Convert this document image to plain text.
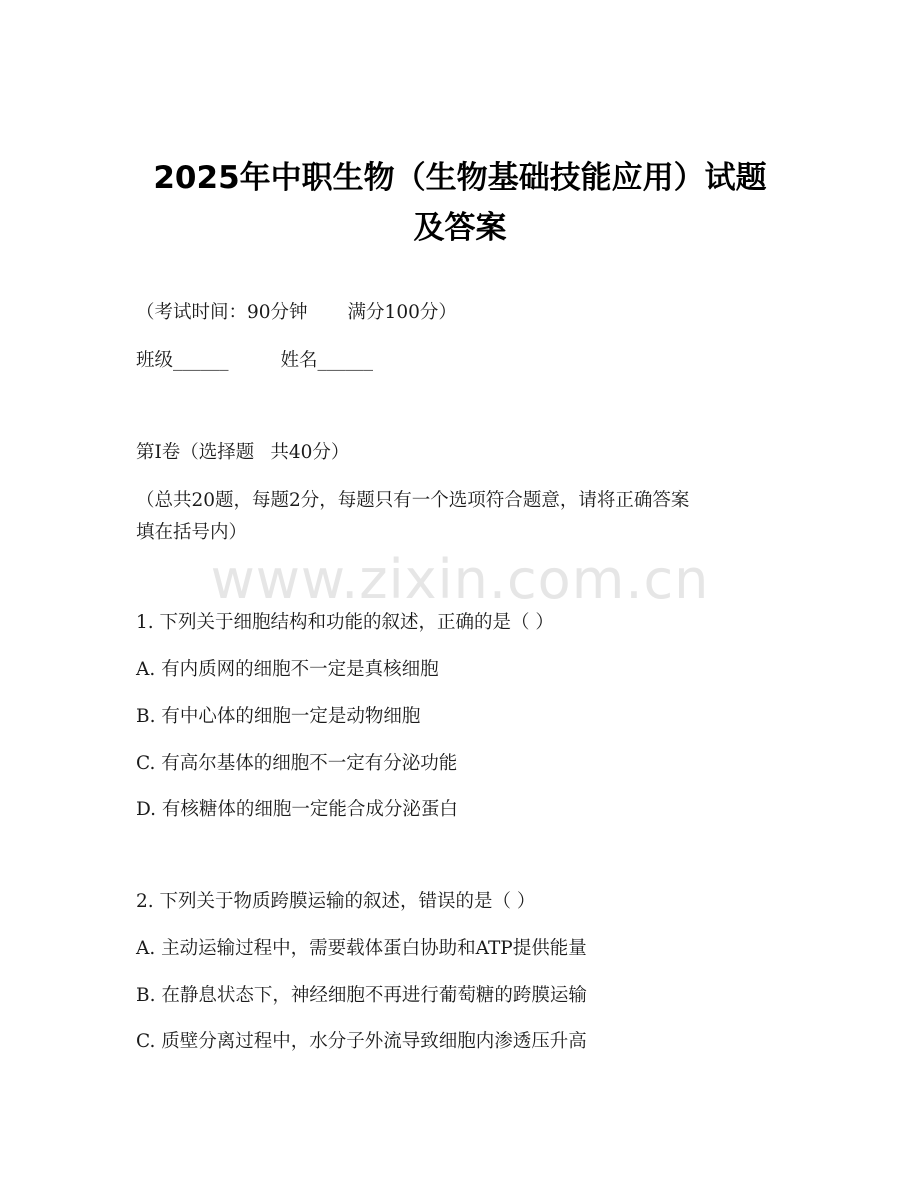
www.zixin.com.cn
2025年中职生物（生物基础技能应用）试题
及答案
（考试时间：90分钟 满分100分）
班级______	姓名______
第Ⅰ卷（选择题 共40分）
（总共20题，每题2分，每题只有一个选项符合题意，请将正确答案
填在括号内）
1. 下列关于细胞结构和功能的叙述，正确的是（ ）
A. 有内质网的细胞不一定是真核细胞
B. 有中心体的细胞一定是动物细胞
C. 有高尔基体的细胞不一定有分泌功能
D. 有核糖体的细胞一定能合成分泌蛋白
2. 下列关于物质跨膜运输的叙述，错误的是（ ）
A. 主动运输过程中，需要载体蛋白协助和ATP提供能量
B. 在静息状态下，神经细胞不再进行葡萄糖的跨膜运输
C. 质壁分离过程中，水分子外流导致细胞内渗透压升高
